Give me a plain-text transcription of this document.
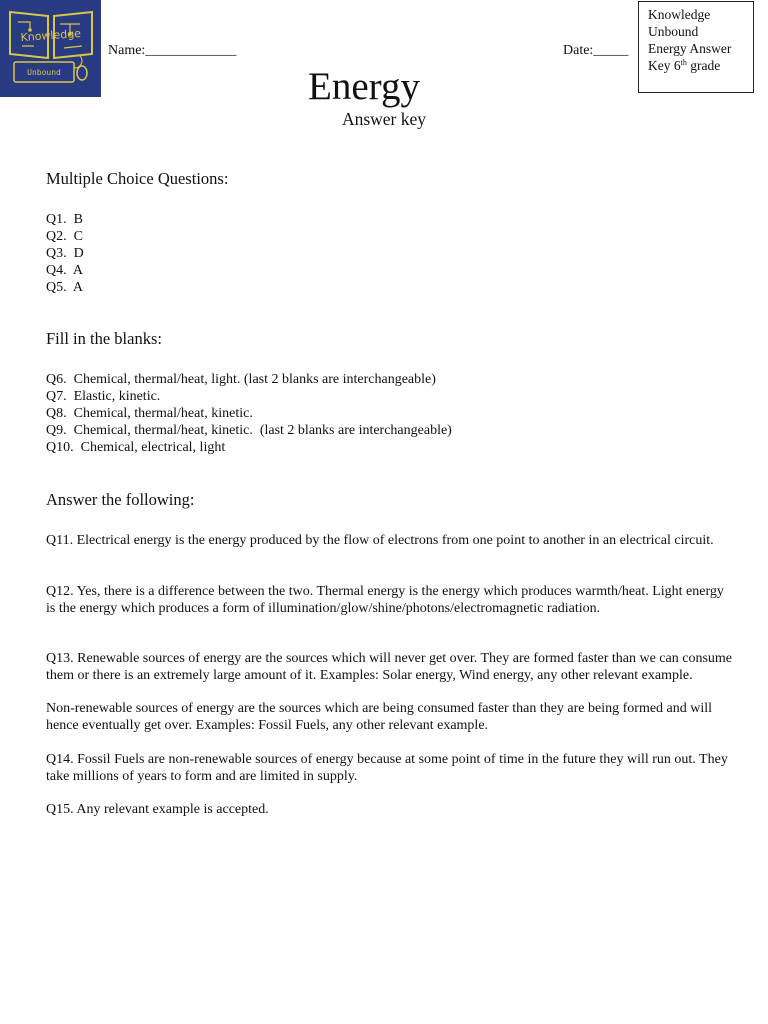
Knowledge
Unbound
Name:_____________	Date:_____
Knowledge
Unbound
Energy Answer
Key 6th grade
Energy
Answer key
Multiple Choice Questions:
Q1.  B
Q2.  C
Q3.  D
Q4.  A
Q5.  A
Fill in the blanks:
Q6.  Chemical, thermal/heat, light. (last 2 blanks are interchangeable)
Q7.  Elastic, kinetic.
Q8.  Chemical, thermal/heat, kinetic.
Q9.  Chemical, thermal/heat, kinetic.  (last 2 blanks are interchangeable)
Q10.  Chemical, electrical, light
Answer the following:
Q11. Electrical energy is the energy produced by the flow of electrons from one point to another in an electrical circuit.
Q12. Yes, there is a difference between the two. Thermal energy is the energy which produces warmth/heat. Light energy is the energy which produces a form of illumination/glow/shine/photons/electromagnetic radiation.
Q13. Renewable sources of energy are the sources which will never get over. They are formed faster than we can consume them or there is an extremely large amount of it. Examples: Solar energy, Wind energy, any other relevant example.
Non-renewable sources of energy are the sources which are being consumed faster than they are being formed and will hence eventually get over. Examples: Fossil Fuels, any other relevant example.
Q14. Fossil Fuels are non-renewable sources of energy because at some point of time in the future they will run out. They take millions of years to form and are limited in supply.
Q15. Any relevant example is accepted.
